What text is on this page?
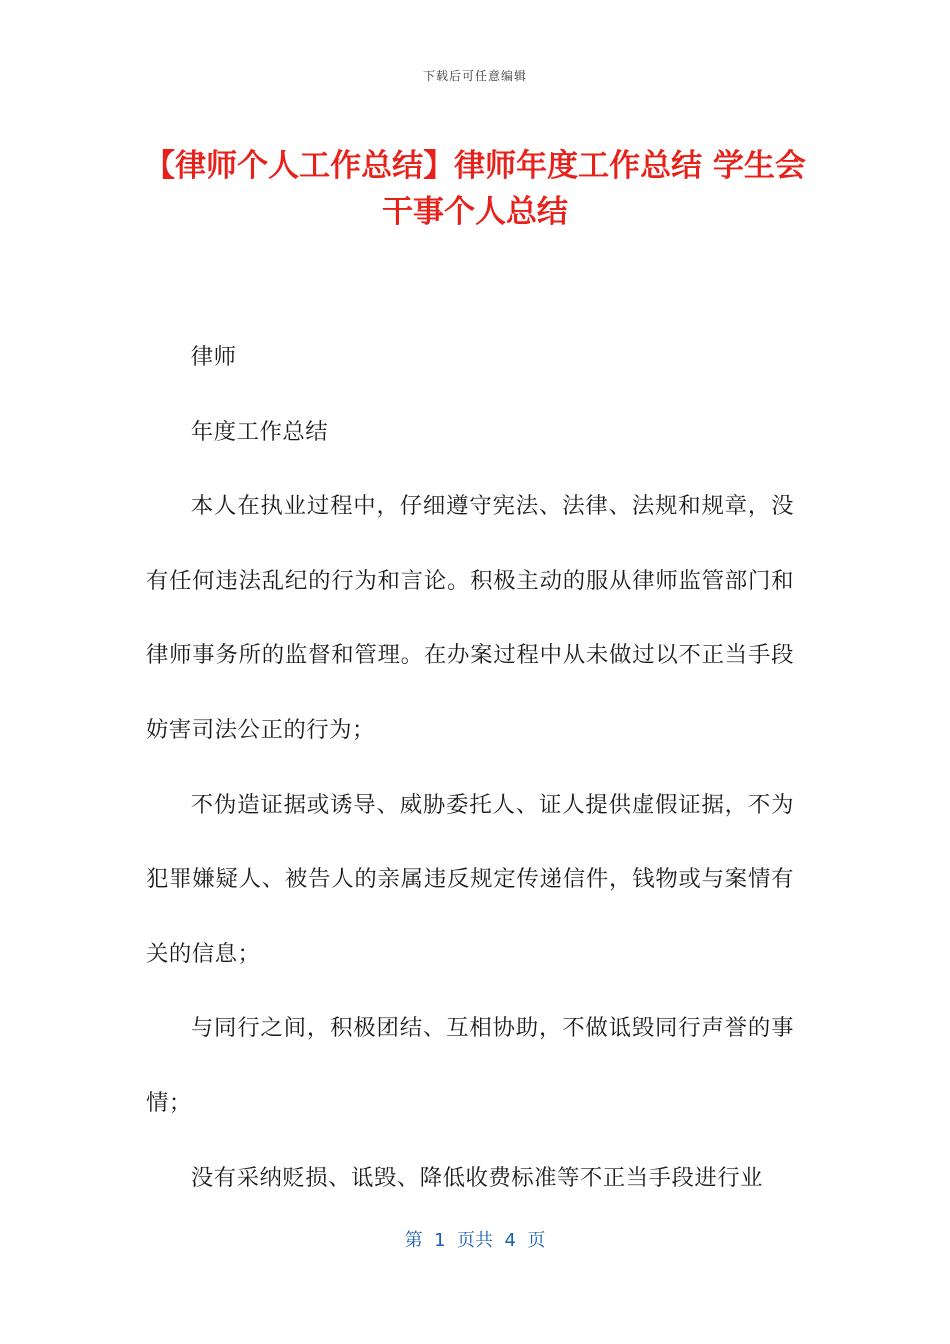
下载后可任意编辑
【律师个人工作总结】律师年度工作总结 学生会干事个人总结

律师

年度工作总结

本人在执业过程中，仔细遵守宪法、法律、法规和规章，没有任何违法乱纪的行为和言论。积极主动的服从律师监管部门和律师事务所的监督和管理。在办案过程中从未做过以不正当手段妨害司法公正的行为；

不伪造证据或诱导、威胁委托人、证人提供虚假证据，不为犯罪嫌疑人、被告人的亲属违反规定传递信件，钱物或与案情有关的信息；

与同行之间，积极团结、互相协助，不做诋毁同行声誉的事情；

没有采纳贬损、诋毁、降低收费标准等不正当手段进行业

第  1  页共  4  页
